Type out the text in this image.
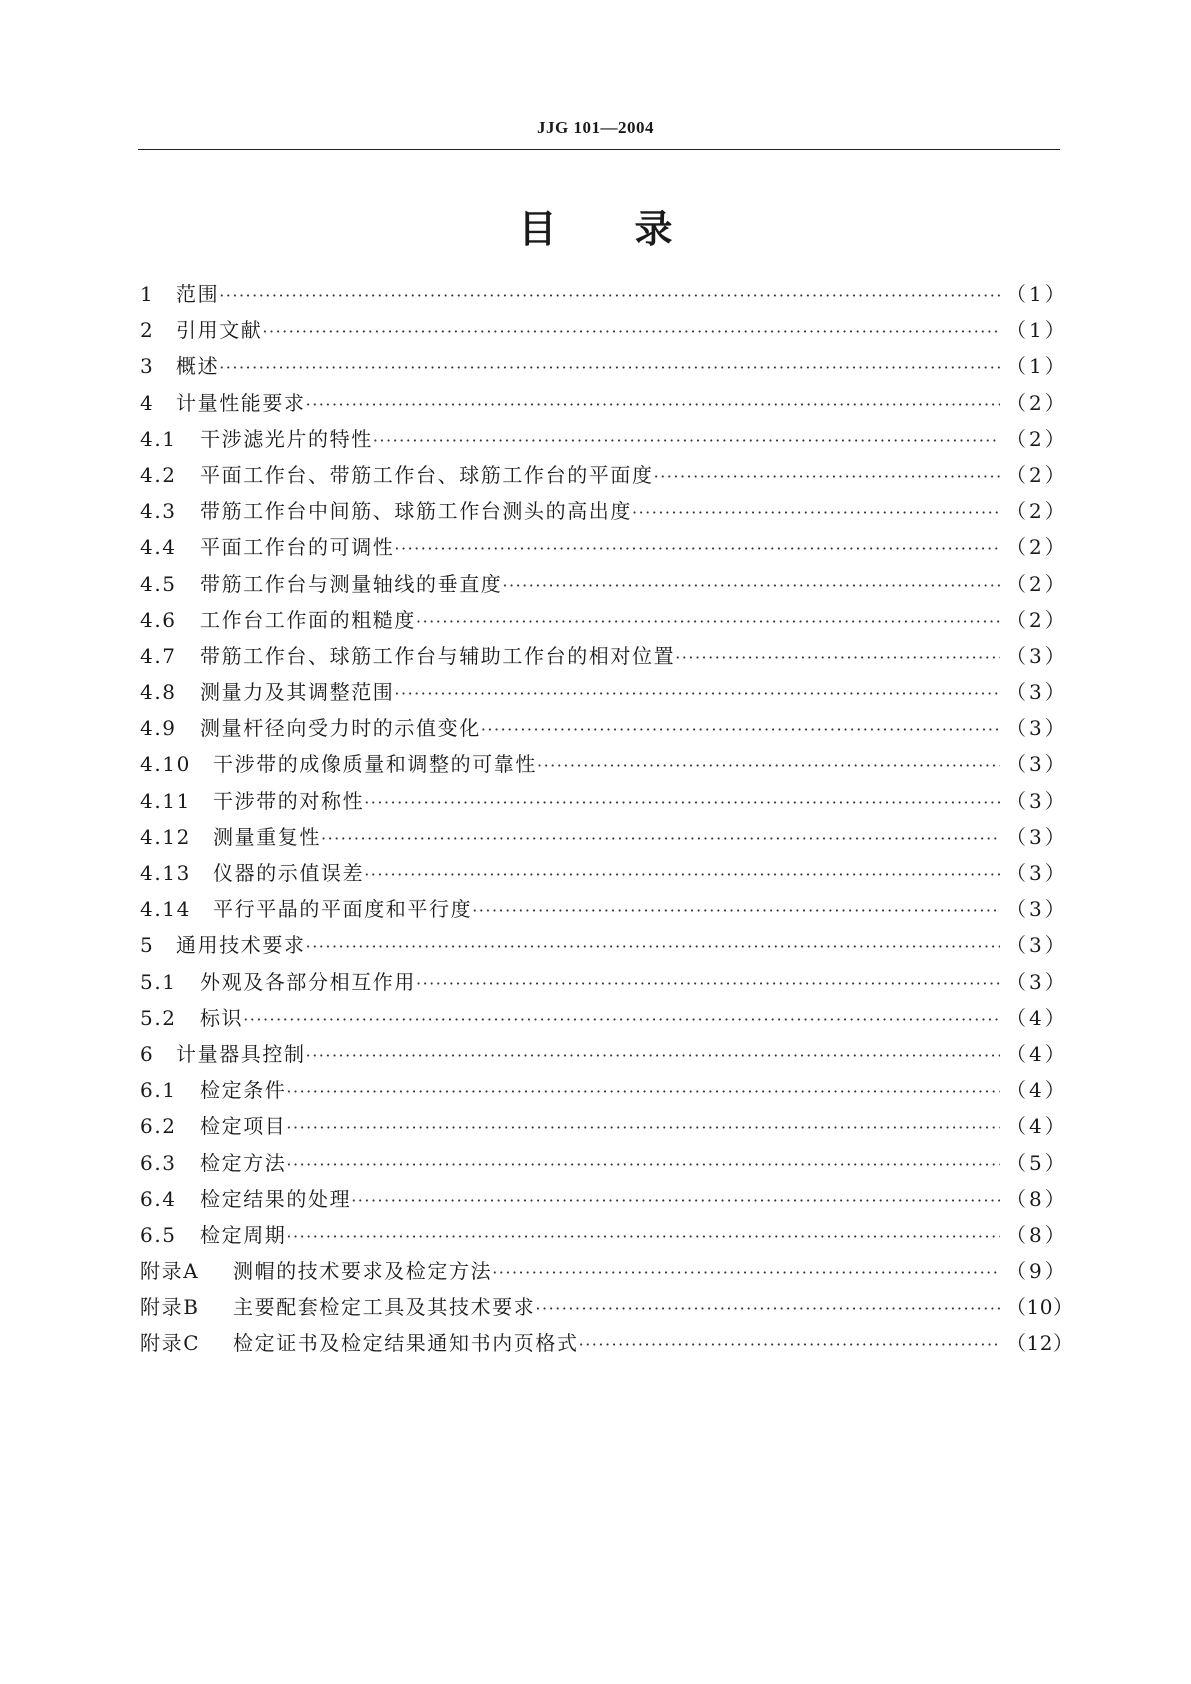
JJG 101—2004
目 录
1	范围 ·····	（1）
2	引用文献 ·····	（1）
3	概述 ·····	（1）
4	计量性能要求 ·····	（2）
4.1	干涉滤光片的特性 ·····	（2）
4.2	平面工作台、带筋工作台、球筋工作台的平面度 ·····	（2）
4.3	带筋工作台中间筋、球筋工作台测头的高出度 ·····	（2）
4.4	平面工作台的可调性 ·····	（2）
4.5	带筋工作台与测量轴线的垂直度 ·····	（2）
4.6	工作台工作面的粗糙度 ·····	（2）
4.7	带筋工作台、球筋工作台与辅助工作台的相对位置 ·····	（3）
4.8	测量力及其调整范围 ·····	（3）
4.9	测量杆径向受力时的示值变化 ·····	（3）
4.10	干涉带的成像质量和调整的可靠性 ·····	（3）
4.11	干涉带的对称性 ·····	（3）
4.12	测量重复性 ·····	（3）
4.13	仪器的示值误差 ·····	（3）
4.14	平行平晶的平面度和平行度 ·····	（3）
5	通用技术要求 ·····	（3）
5.1	外观及各部分相互作用 ·····	（3）
5.2	标识 ·····	（4）
6	计量器具控制 ·····	（4）
6.1	检定条件 ·····	（4）
6.2	检定项目 ·····	（4）
6.3	检定方法 ·····	（5）
6.4	检定结果的处理 ·····	（8）
6.5	检定周期 ·····	（8）
附录A	测帽的技术要求及检定方法 ·····	（9）
附录B	主要配套检定工具及其技术要求 ·····	（10）
附录C	检定证书及检定结果通知书内页格式 ·····	（12）
